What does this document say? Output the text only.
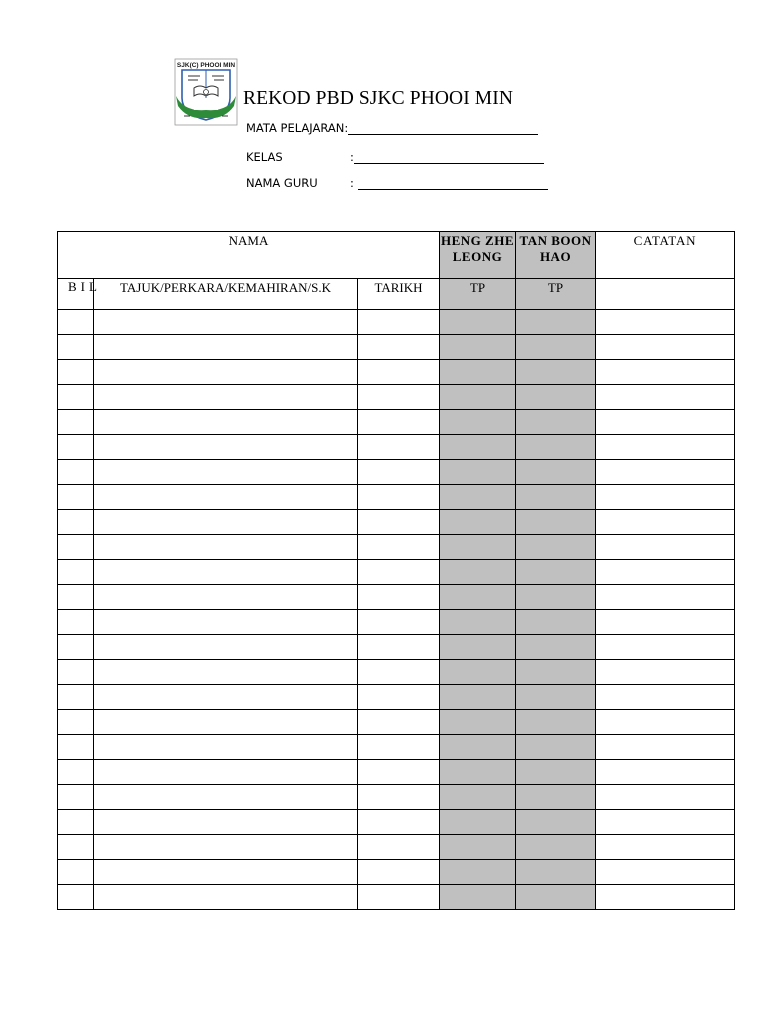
SJK(C) PHOOI MIN
REKOD PBD SJKC PHOOI MIN
MATA PELAJARAN:
KELAS	:
NAMA GURU	:
NAMA			HENG ZHE LEONG	TAN BOON HAO	CATATAN
BIL	TAJUK/PERKARA/KEMAHIRAN/S.K	TARIKH	TP	TP	
